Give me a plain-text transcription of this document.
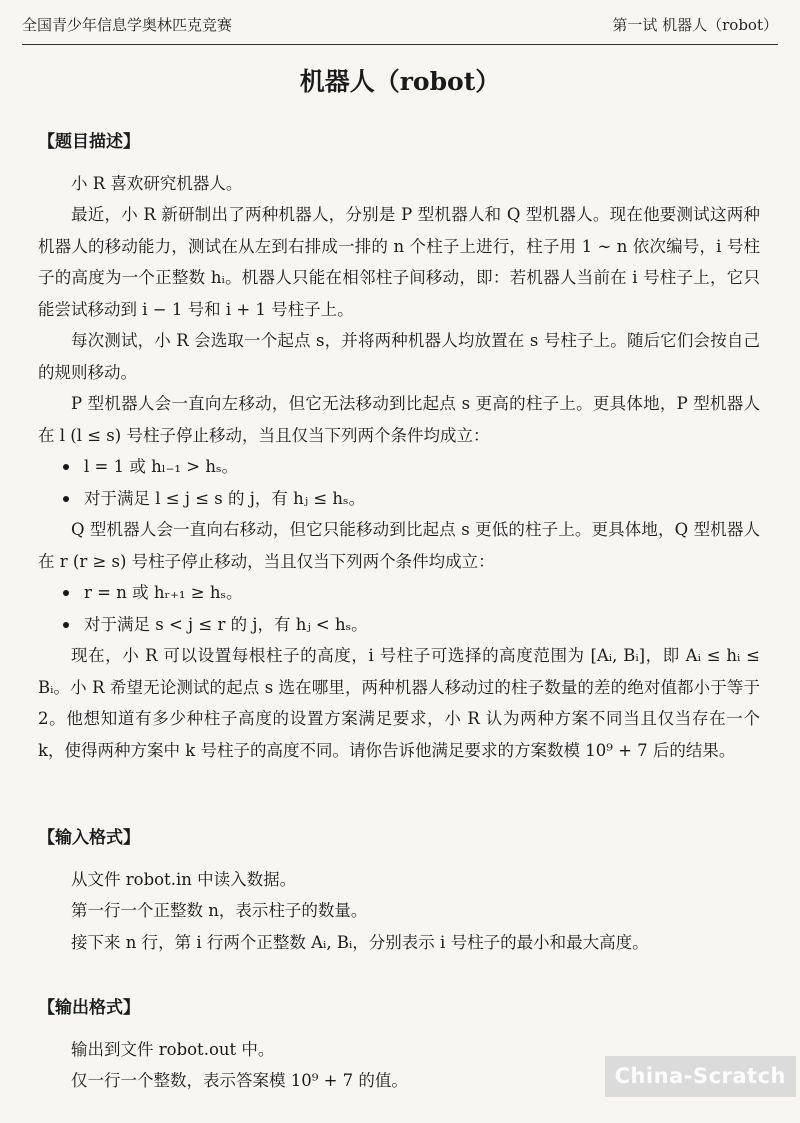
全国青少年信息学奥林匹克竞赛	第一试 机器人（robot）
机器人（robot）
【题目描述】

小 R 喜欢研究机器人。

最近，小 R 新研制出了两种机器人，分别是 P 型机器人和 Q 型机器人。现在他要测试这两种机器人的移动能力，测试在从左到右排成一排的 n 个柱子上进行，柱子用 1 ∼ n 依次编号，i 号柱子的高度为一个正整数 hᵢ。机器人只能在相邻柱子间移动，即：若机器人当前在 i 号柱子上，它只能尝试移动到 i − 1 号和 i + 1 号柱子上。

每次测试，小 R 会选取一个起点 s，并将两种机器人均放置在 s 号柱子上。随后它们会按自己的规则移动。

P 型机器人会一直向左移动，但它无法移动到比起点 s 更高的柱子上。更具体地，P 型机器人在 l (l ≤ s) 号柱子停止移动，当且仅当下列两个条件均成立：

l = 1 或 hₗ₋₁ > hₛ。
对于满足 l ≤ j ≤ s 的 j，有 hⱼ ≤ hₛ。

Q 型机器人会一直向右移动，但它只能移动到比起点 s 更低的柱子上。更具体地，Q 型机器人在 r (r ≥ s) 号柱子停止移动，当且仅当下列两个条件均成立：

r = n 或 hᵣ₊₁ ≥ hₛ。
对于满足 s < j ≤ r 的 j，有 hⱼ < hₛ。

现在，小 R 可以设置每根柱子的高度，i 号柱子可选择的高度范围为 [Aᵢ, Bᵢ]，即 Aᵢ ≤ hᵢ ≤ Bᵢ。小 R 希望无论测试的起点 s 选在哪里，两种机器人移动过的柱子数量的差的绝对值都小于等于 2。他想知道有多少种柱子高度的设置方案满足要求，小 R 认为两种方案不同当且仅当存在一个 k，使得两种方案中 k 号柱子的高度不同。请你告诉他满足要求的方案数模 10⁹ + 7 后的结果。

【输入格式】

从文件 robot.in 中读入数据。

第一行一个正整数 n，表示柱子的数量。

接下来 n 行，第 i 行两个正整数 Aᵢ, Bᵢ，分别表示 i 号柱子的最小和最大高度。

【输出格式】

输出到文件 robot.out 中。

仅一行一个整数，表示答案模 10⁹ + 7 的值。	China-Scratch
